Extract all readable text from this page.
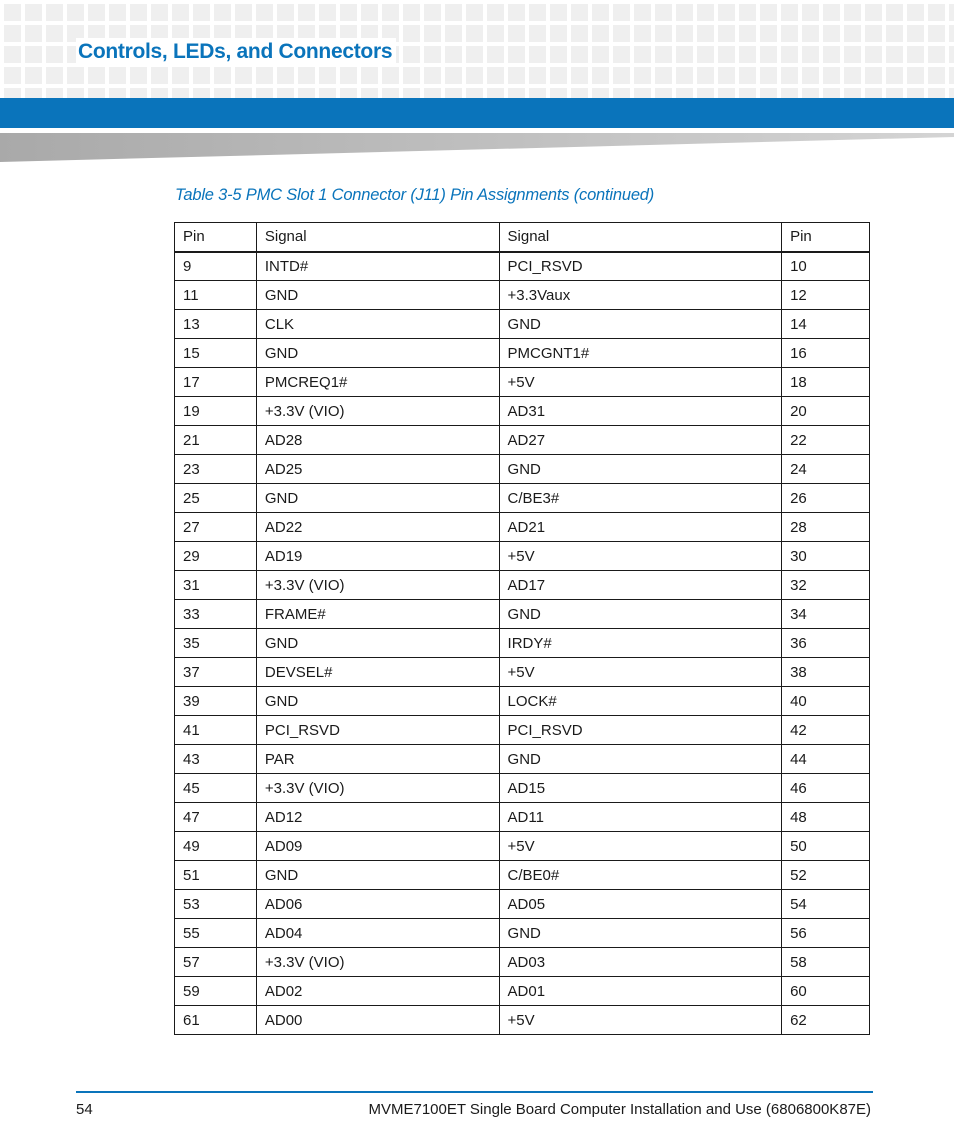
Controls, LEDs, and Connectors
Table 3-5 PMC Slot 1 Connector (J11) Pin Assignments (continued)
Pin	Signal	Signal	Pin
9	INTD#	PCI_RSVD	10
11	GND	+3.3Vaux	12
13	CLK	GND	14
15	GND	PMCGNT1#	16
17	PMCREQ1#	+5V	18
19	+3.3V (VIO)	AD31	20
21	AD28	AD27	22
23	AD25	GND	24
25	GND	C/BE3#	26
27	AD22	AD21	28
29	AD19	+5V	30
31	+3.3V (VIO)	AD17	32
33	FRAME#	GND	34
35	GND	IRDY#	36
37	DEVSEL#	+5V	38
39	GND	LOCK#	40
41	PCI_RSVD	PCI_RSVD	42
43	PAR	GND	44
45	+3.3V (VIO)	AD15	46
47	AD12	AD11	48
49	AD09	+5V	50
51	GND	C/BE0#	52
53	AD06	AD05	54
55	AD04	GND	56
57	+3.3V (VIO)	AD03	58
59	AD02	AD01	60
61	AD00	+5V	62
54	MVME7100ET Single Board Computer Installation and Use (6806800K87E)
